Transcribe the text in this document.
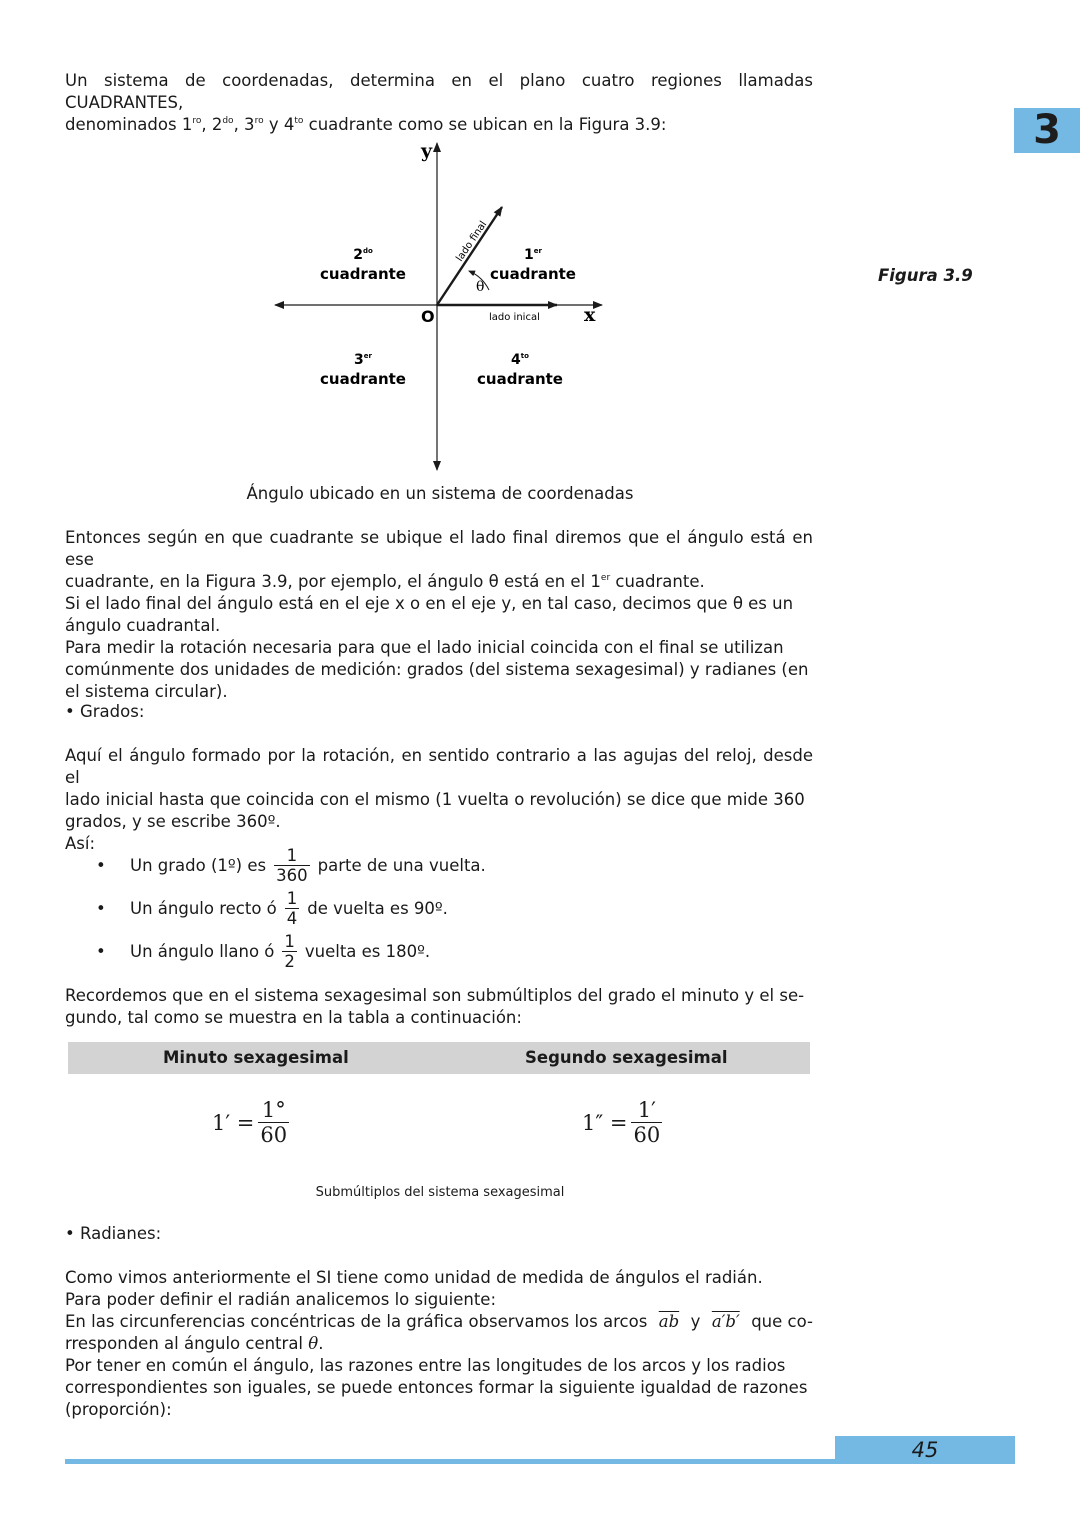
3
Figura 3.9
Un sistema de coordenadas, determina en el plano cuatro regiones llamadas CUADRANTES,
denominados $1^{ro}$, $2^{do}$, $3^{ro}$ y $4^{to}$ cuadrante como se ubican en la Figura 3.9:
y
x
O
θ
lado final
lado inical
$2^{do}$
cuadrante
1er
cuadrante
3er
cuadrante
$4^{to}$
cuadrante
Ángulo ubicado en un sistema de coordenadas
Entonces según en que cuadrante se ubique el lado final diremos que el ángulo está en ese
cuadrante, en la Figura 3.9, por ejemplo, el ángulo θ está en el 1er cuadrante.
Si el lado final del ángulo está en el eje x o en el eje y, en tal caso, decimos que θ es un
ángulo cuadrantal.
Para medir la rotación necesaria para que el lado inicial coincida con el final se utilizan
comúnmente dos unidades de medición: grados (del sistema sexagesimal) y radianes (en
el sistema circular).
• Grados:
Aquí el ángulo formado por la rotación, en sentido contrario a las agujas del reloj, desde el
lado inicial hasta que coincida con el mismo (1 vuelta o revolución) se dice que mide 360
grados, y se escribe 360º.
Así:
•	Un grado (1º) es $\frac{1}{360}$ parte de una vuelta.
•	Un ángulo recto ó $\frac{1}{4}$ de vuelta es 90º.
•	Un ángulo llano ó $\frac{1}{2}$ vuelta es 180º.
Recordemos que en el sistema sexagesimal son submúltiplos del grado el minuto y el se-
gundo, tal como se muestra en la tabla a continuación:
Minuto sexagesimal	Segundo sexagesimal
$1' = \frac{1^\circ}{60}$	$1'' = \frac{1'}{60}$
Submúltiplos del sistema sexagesimal
• Radianes:
Como vimos anteriormente el SI tiene como unidad de medida de ángulos el radián.
Para poder definir el radián analicemos lo siguiente:
En las circunferencias concéntricas de la gráfica observamos los arcos $\overline{ab}$ y a′b′ que co-
rresponden al ángulo central θ.
Por tener en común el ángulo, las razones entre las longitudes de los arcos y los radios
correspondientes son iguales, se puede entonces formar la siguiente igualdad de razones
(proporción):
45
